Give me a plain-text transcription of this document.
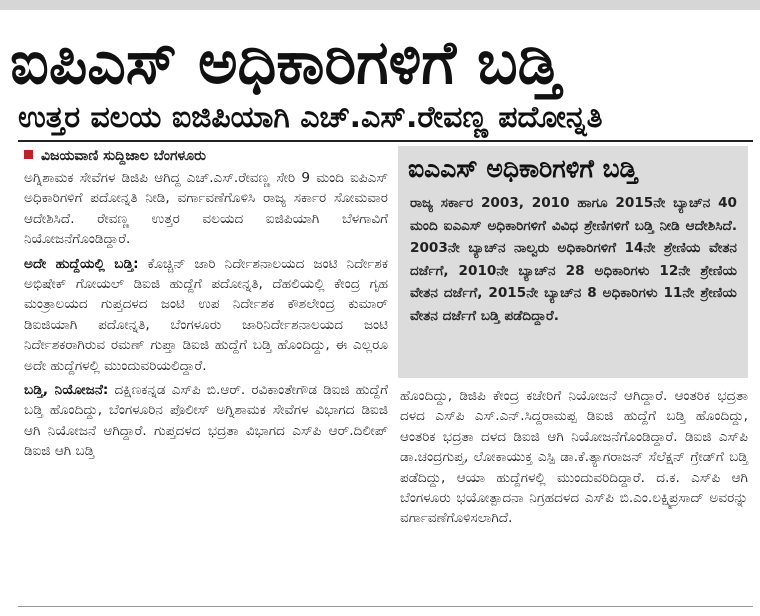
ಐಪಿಎಸ್ ಅಧಿಕಾರಿಗಳಿಗೆ ಬಡ್ತಿ
ಉತ್ತರ ವಲಯ ಐಜಿಪಿಯಾಗಿ ಎಚ್.ಎಸ್.ರೇವಣ್ಣ ಪದೋನ್ನತಿ
ವಿಜಯವಾಣಿ ಸುದ್ದಿಜಾಲ ಬೆಂಗಳೂರು

ಅಗ್ನಿಶಾಮಕ ಸೇವೆಗಳ ಡಿಜಿಪಿ ಆಗಿದ್ದ ಎಚ್.ಎಸ್.ರೇವಣ್ಣ ಸೇರಿ 9 ಮಂದಿ ಐಪಿಎಸ್ ಅಧಿಕಾರಿಗಳಿಗೆ ಪದೋನ್ನತಿ ನೀಡಿ, ವರ್ಗಾವಣೆಗೊಳಿಸಿ ರಾಜ್ಯ ಸರ್ಕಾರ ಸೋಮವಾರ ಆದೇಶಿಸಿದೆ. ರೇವಣ್ಣ ಉತ್ತರ ವಲಯದ ಐಜಿಪಿಯಾಗಿ ಬೆಳಗಾವಿಗೆ ನಿಯೋಜನೆಗೊಂಡಿದ್ದಾರೆ.

ಅದೇ ಹುದ್ದೆಯಲ್ಲಿ ಬಡ್ತಿ: ಕೊಚ್ಚಿನ್ ಜಾರಿ ನಿರ್ದೇಶನಾಲಯದ ಜಂಟಿ ನಿರ್ದೇಶಕ ಅಭಿಷೇಕ್ ಗೋಯಲ್ ಡಿಐಜಿ ಹುದ್ದೆಗೆ ಪದೋನ್ನತಿ, ದೆಹಲಿಯಲ್ಲಿ ಕೇಂದ್ರ ಗೃಹ ಮಂತ್ರಾಲಯದ ಗುಪ್ತದಳದ ಜಂಟಿ ಉಪ ನಿರ್ದೇಶಕ ಕೌಶಲೇಂದ್ರ ಕುಮಾರ್ ಡಿಐಜಿಯಾಗಿ ಪದೋನ್ನತಿ, ಬೆಂಗಳೂರು ಜಾರಿನಿರ್ದೇಶನಾಲಯದ ಜಂಟಿ ನಿರ್ದೇಶಕರಾಗಿರುವ ರಮಣ್ ಗುಪ್ತಾ ಡಿಐಜಿ ಹುದ್ದೆಗೆ ಬಡ್ತಿ ಹೊಂದಿದ್ದು, ಈ ಎಲ್ಲರೂ ಅದೇ ಹುದ್ದೆಗಳಲ್ಲಿ ಮುಂದುವರಿಯಲಿದ್ದಾರೆ.

ಬಡ್ತಿ, ನಿಯೋಜನೆ: ದಕ್ಷಿಣಕನ್ನಡ ಎಸ್‌ಪಿ ಬಿ.ಆರ್. ರವಿಕಾಂತೇಗೌಡ ಡಿಐಜಿ ಹುದ್ದೆಗೆ ಬಡ್ತಿ ಹೊಂದಿದ್ದು, ಬೆಂಗಳೂರಿನ ಪೊಲೀಸ್ ಅಗ್ನಿಶಾಮಕ ಸೇವೆಗಳ ವಿಭಾಗದ ಡಿಐಜಿ ಆಗಿ ನಿಯೋಜನೆ ಆಗಿದ್ದಾರೆ. ಗುಪ್ತದಳದ ಭದ್ರತಾ ವಿಭಾಗದ ಎಸ್‌ಪಿ ಆರ್.ದಿಲೀಪ್ ಡಿಐಜಿ ಆಗಿ ಬಡ್ತಿ

ಐಎಎಸ್ ಅಧಿಕಾರಿಗಳಿಗೆ ಬಡ್ತಿ

ರಾಜ್ಯ ಸರ್ಕಾರ 2003, 2010 ಹಾಗೂ 2015ನೇ ಬ್ಯಾಚ್‌ನ 40 ಮಂದಿ ಐಎಎಸ್ ಅಧಿಕಾರಿಗಳಿಗೆ ವಿವಿಧ ಶ್ರೇಣಿಗಳಿಗೆ ಬಡ್ತಿ ನೀಡಿ ಆದೇಶಿಸಿದೆ. 2003ನೇ ಬ್ಯಾಚ್‌ನ ನಾಲ್ವರು ಅಧಿಕಾರಿಗಳಿಗೆ 14ನೇ ಶ್ರೇಣಿಯ ವೇತನ ದರ್ಜೆಗೆ, 2010ನೇ ಬ್ಯಾಚ್‌ನ 28 ಅಧಿಕಾರಿಗಳು 12ನೇ ಶ್ರೇಣಿಯ ವೇತನ ದರ್ಜೆಗೆ, 2015ನೇ ಬ್ಯಾಚ್‌ನ 8 ಅಧಿಕಾರಿಗಳು 11ನೇ ಶ್ರೇಣಿಯ ವೇತನ ದರ್ಜೆಗೆ ಬಡ್ತಿ ಪಡೆದಿದ್ದಾರೆ.

ಹೊಂದಿದ್ದು, ಡಿಜಿಪಿ ಕೇಂದ್ರ ಕಚೇರಿಗೆ ನಿಯೋಜನೆ ಆಗಿದ್ದಾರೆ. ಆಂತರಿಕ ಭದ್ರತಾ ದಳದ ಎಸ್‌ಪಿ ಎಸ್.ಎನ್.ಸಿದ್ದರಾಮಪ್ಪ ಡಿಐಜಿ ಹುದ್ದೆಗೆ ಬಡ್ತಿ ಹೊಂದಿದ್ದು, ಆಂತರಿಕ ಭದ್ರತಾ ದಳದ ಡಿಐಜಿ ಆಗಿ ನಿಯೋಜನೆಗೊಂಡಿದ್ದಾರೆ. ಡಿಐಜಿ ಎಸ್‌ಪಿ ಡಾ.ಚಂದ್ರಗುಪ್ತ, ಲೋಕಾಯುಕ್ತ ಎಸ್ಪಿ ಡಾ.ಕೆ.ತ್ಯಾಗರಾಜನ್ ಸೆಲೆಕ್ಷನ್ ಗ್ರೇಡ್‌ಗೆ ಬಡ್ತಿ ಪಡೆದಿದ್ದು, ಆಯಾ ಹುದ್ದೆಗಳಲ್ಲಿ ಮುಂದುವರಿದಿದ್ದಾರೆ. ದ.ಕ. ಎಸ್‌ಪಿ ಆಗಿ ಬೆಂಗಳೂರು ಭಯೋತ್ಪಾದನಾ ನಿಗ್ರಹದಳದ ಎಸ್‌ಪಿ ಬಿ.ಎಂ.ಲಕ್ಷ್ಮಿಪ್ರಸಾದ್ ಅವರನ್ನು ವರ್ಗಾವಣೆಗೊಳಿಸಲಾಗಿದೆ.
